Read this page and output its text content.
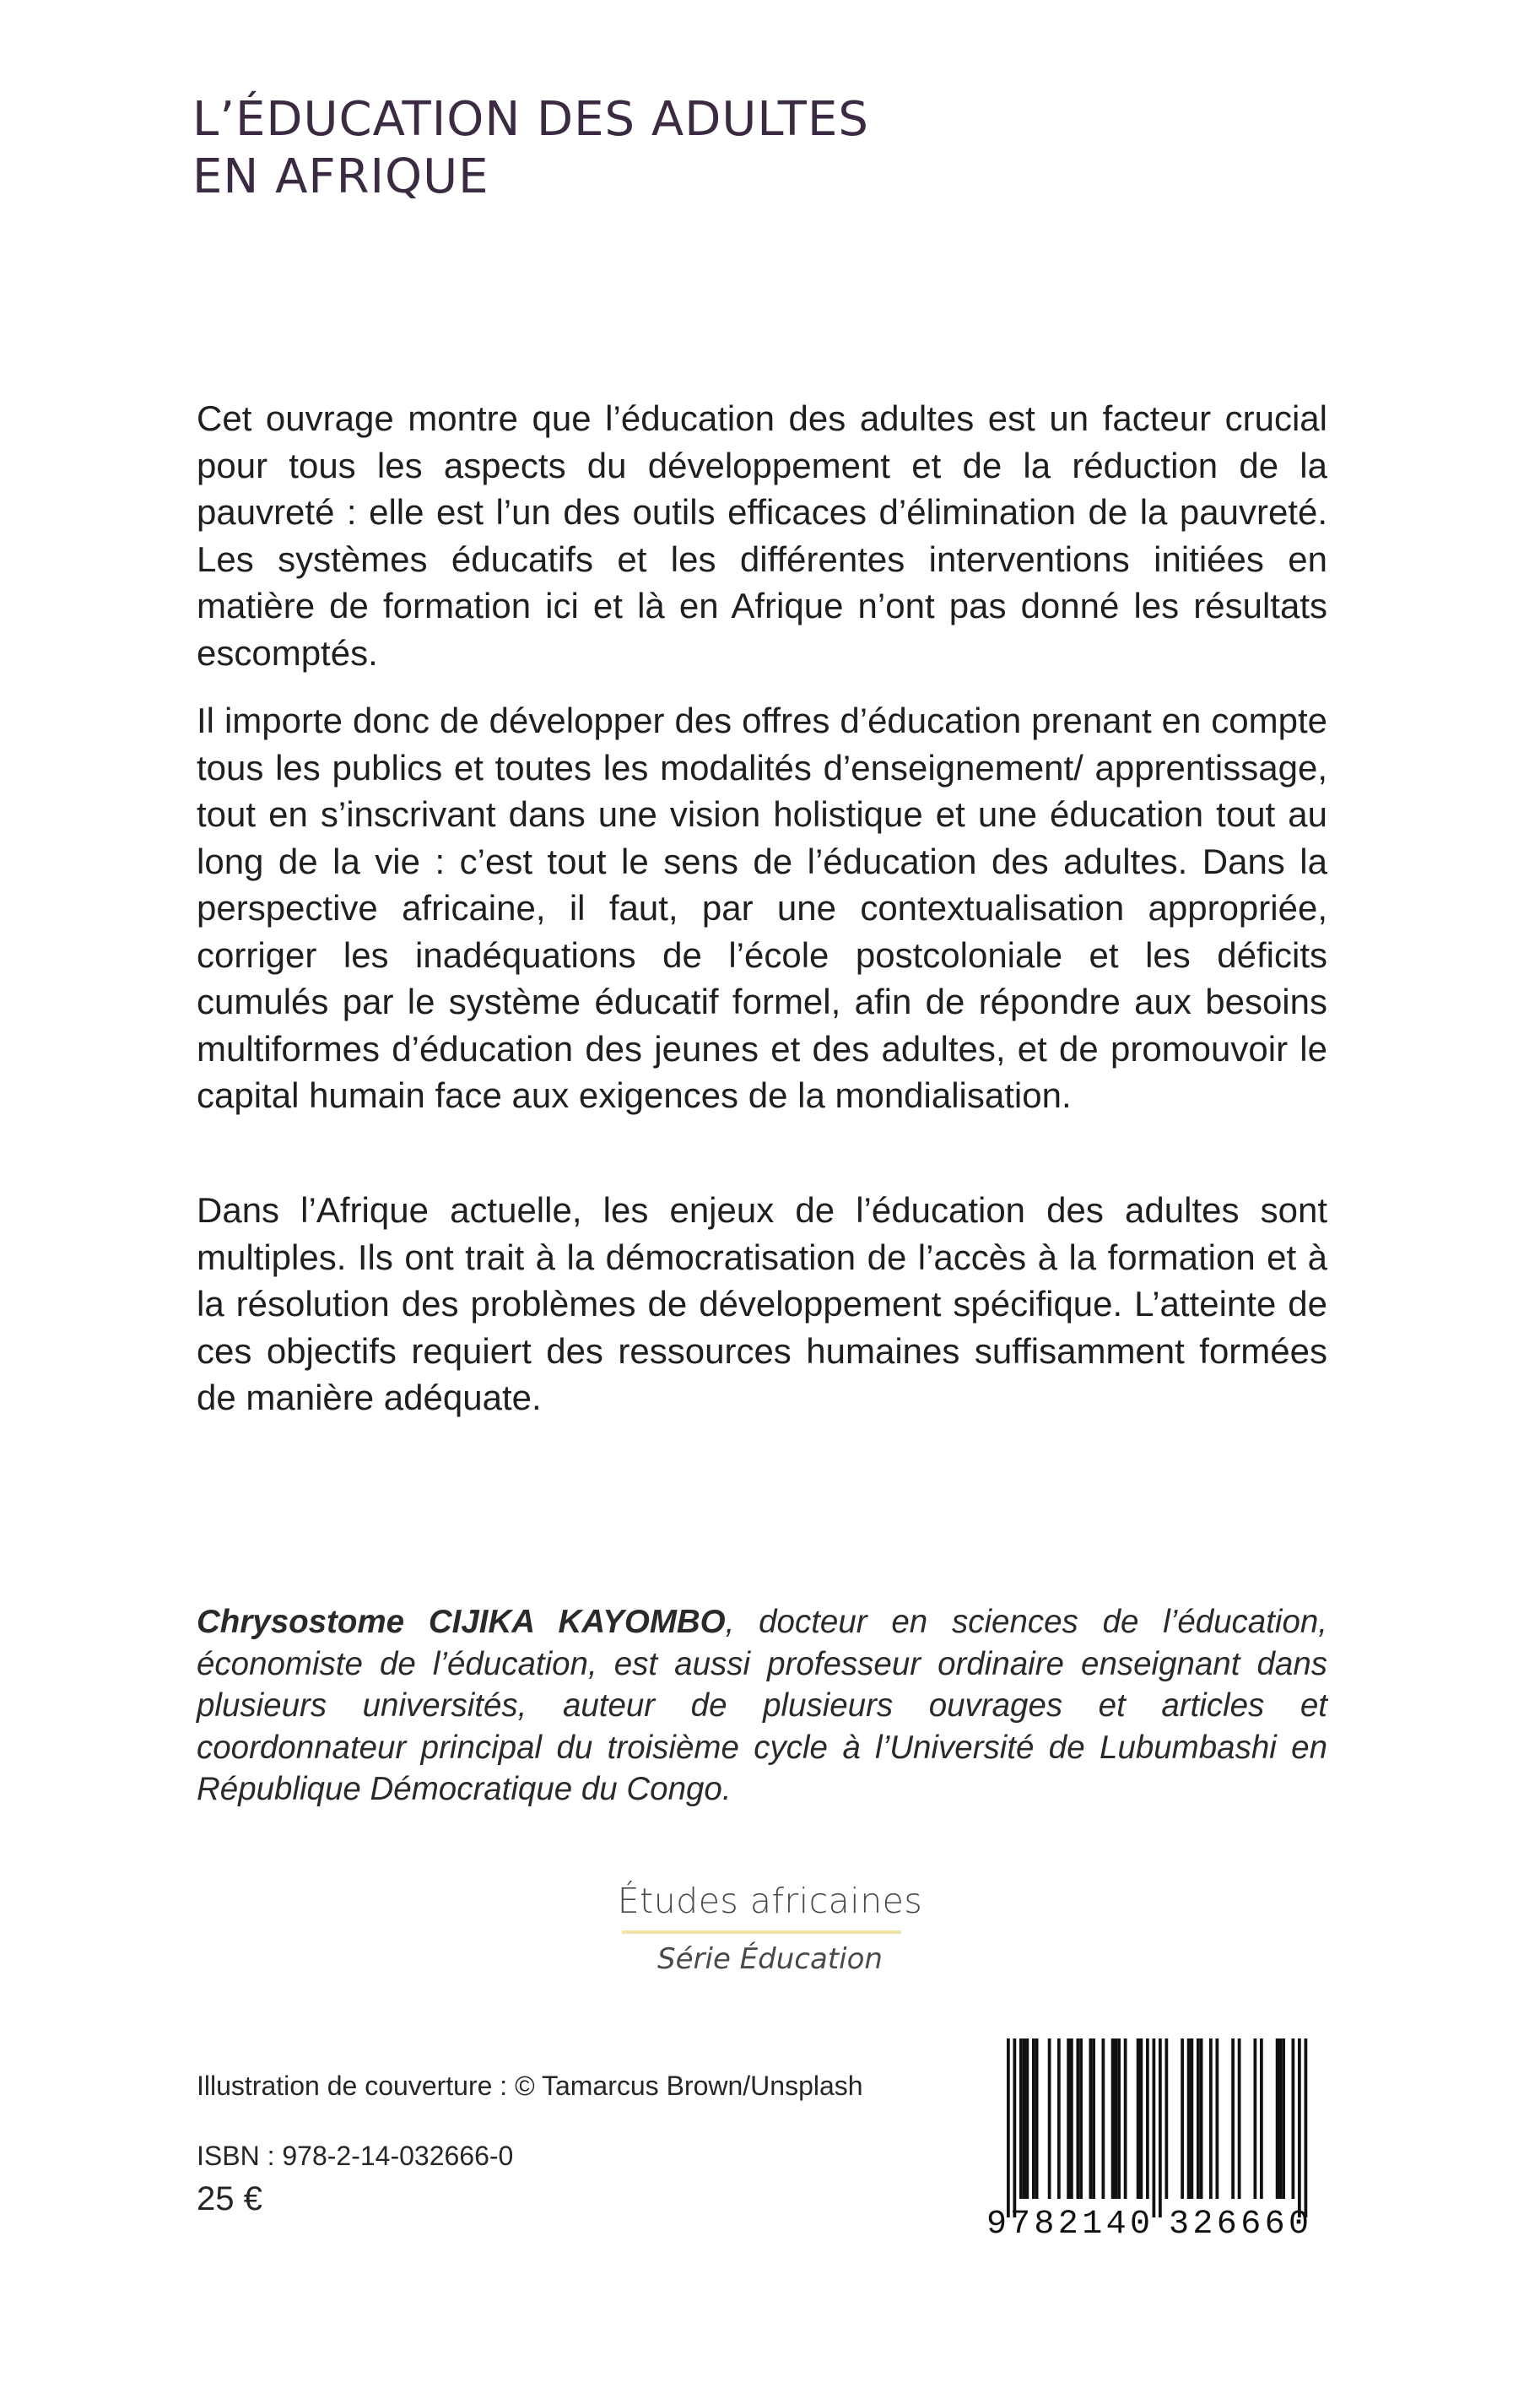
L’ÉDUCATION DES ADULTES
EN AFRIQUE

Cet ouvrage montre que l’éducation des adultes est un facteur crucial pour tous les aspects du développement et de la réduction de la pauvreté : elle est l’un des outils efficaces d’élimination de la pauvreté. Les systèmes éducatifs et les différentes interventions initiées en matière de formation ici et là en Afrique n’ont pas donné les résultats escomptés.

Il importe donc de développer des offres d’éducation prenant en compte tous les publics et toutes les modalités d’enseignement/ apprentissage, tout en s’inscrivant dans une vision holistique et une éducation tout au long de la vie : c’est tout le sens de l’éducation des adultes. Dans la perspective africaine, il faut, par une contextualisation appropriée, corriger les inadéquations de l’école postcoloniale et les déficits cumulés par le système éducatif formel, afin de répondre aux besoins multiformes d’éducation des jeunes et des adultes, et de promouvoir le capital humain face aux exigences de la mondialisation.

Dans l’Afrique actuelle, les enjeux de l’éducation des adultes sont multiples. Ils ont trait à la démocratisation de l’accès à la formation et à la résolution des problèmes de développement spécifique. L’atteinte de ces objectifs requiert des ressources humaines suffisamment formées de manière adéquate.

Chrysostome CIJIKA KAYOMBO, docteur en sciences de l’éducation, économiste de l’éducation, est aussi professeur ordinaire enseignant dans plusieurs universités, auteur de plusieurs ouvrages et articles et coordonnateur principal du troisième cycle à l’Université de Lubumbashi en République Démocratique du Congo.

Études africaines
Série Éducation
Illustration de couverture : © Tamarcus Brown/Unsplash
ISBN : 978-2-14-032666-0
25 €
9 782140 326660
